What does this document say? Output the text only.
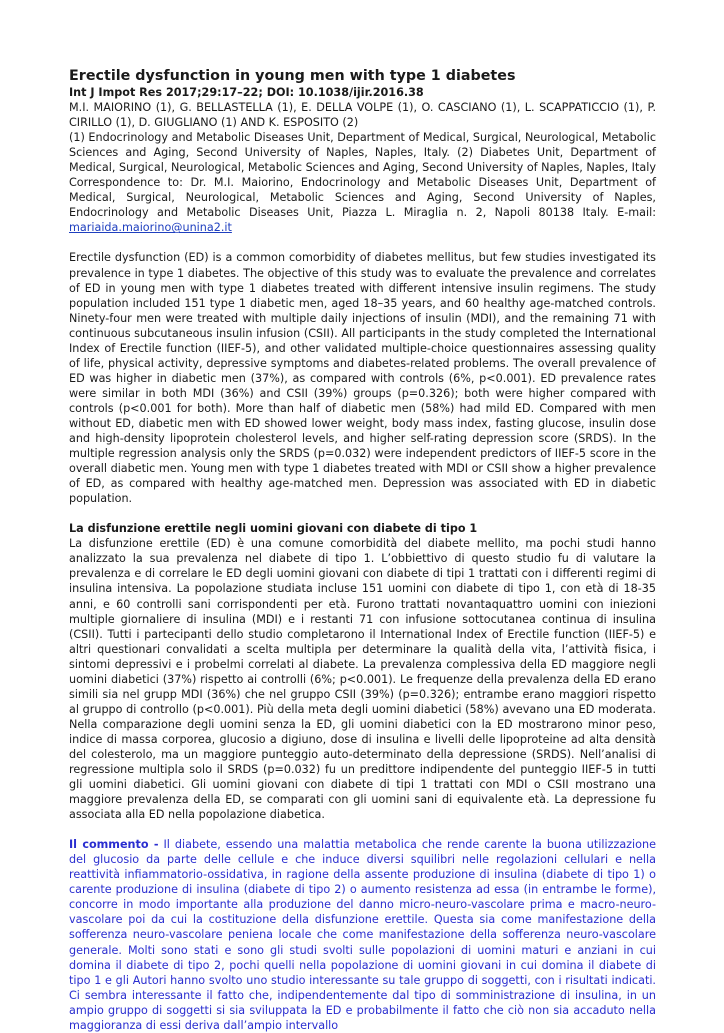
Erectile dysfunction in young men with type 1 diabetes

Int J Impot Res 2017;29:17–22; DOI: 10.1038/ijir.2016.38

M.I. MAIORINO (1), G. BELLASTELLA (1), E. DELLA VOLPE (1), O. CASCIANO (1), L. SCAPPATICCIO (1), P. CIRILLO (1), D. GIUGLIANO (1) AND K. ESPOSITO (2)

(1) Endocrinology and Metabolic Diseases Unit, Department of Medical, Surgical, Neurological, Metabolic Sciences and Aging, Second University of Naples, Naples, Italy. (2) Diabetes Unit, Department of Medical, Surgical, Neurological, Metabolic Sciences and Aging, Second University of Naples, Naples, Italy

Correspondence to: Dr. M.I. Maiorino, Endocrinology and Metabolic Diseases Unit, Department of Medical, Surgical, Neurological, Metabolic Sciences and Aging, Second University of Naples, Endocrinology and Metabolic Diseases Unit, Piazza L. Miraglia n. 2, Napoli 80138 Italy. E-mail: mariaida.maiorino@unina2.it

Erectile dysfunction (ED) is a common comorbidity of diabetes mellitus, but few studies investigated its prevalence in type 1 diabetes. The objective of this study was to evaluate the prevalence and correlates of ED in young men with type 1 diabetes treated with different intensive insulin regimens. The study population included 151 type 1 diabetic men, aged 18–35 years, and 60 healthy age-matched controls. Ninety-four men were treated with multiple daily injections of insulin (MDI), and the remaining 71 with continuous subcutaneous insulin infusion (CSII). All participants in the study completed the International Index of Erectile function (IIEF-5), and other validated multiple-choice questionnaires assessing quality of life, physical activity, depressive symptoms and diabetes-related problems. The overall prevalence of ED was higher in diabetic men (37%), as compared with controls (6%, p<0.001). ED prevalence rates were similar in both MDI (36%) and CSII (39%) groups (p=0.326); both were higher compared with controls (p<0.001 for both). More than half of diabetic men (58%) had mild ED. Compared with men without ED, diabetic men with ED showed lower weight, body mass index, fasting glucose, insulin dose and high-density lipoprotein cholesterol levels, and higher self-rating depression score (SRDS). In the multiple regression analysis only the SRDS (p=0.032) were independent predictors of IIEF-5 score in the overall diabetic men. Young men with type 1 diabetes treated with MDI or CSII show a higher prevalence of ED, as compared with healthy age-matched men. Depression was associated with ED in diabetic population.

La disfunzione erettile negli uomini giovani con diabete di tipo 1

La disfunzione erettile (ED) è una comune comorbidità del diabete mellito, ma pochi studi hanno analizzato la sua prevalenza nel diabete di tipo 1. L’obbiettivo di questo studio fu di valutare la prevalenza e di correlare le ED degli uomini giovani con diabete di tipi 1 trattati con i differenti regimi di insulina intensiva. La popolazione studiata incluse 151 uomini con diabete di tipo 1, con età di 18-35 anni, e 60 controlli sani corrispondenti per età. Furono trattati novantaquattro uomini con iniezioni multiple giornaliere di insulina (MDI) e i restanti 71 con infusione sottocutanea continua di insulina (CSII). Tutti i partecipanti dello studio completarono il International Index of Erectile function (IIEF-5) e altri questionari convalidati a scelta multipla per determinare la qualità della vita, l’attività fisica, i sintomi depressivi e i probelmi correlati al diabete. La prevalenza complessiva della ED maggiore negli uomini diabetici (37%) rispetto ai controlli (6%; p<0.001). Le frequenze della prevalenza della ED erano simili sia nel grupp MDI (36%) che nel gruppo CSII (39%) (p=0.326); entrambe erano maggiori rispetto al gruppo di controllo (p<0.001). Più della meta degli uomini diabetici (58%) avevano una ED moderata. Nella comparazione degli uomini senza la ED, gli uomini diabetici con la ED mostrarono minor peso, indice di massa corporea, glucosio a digiuno, dose di insulina e livelli delle lipoproteine ad alta densità del colesterolo, ma un maggiore punteggio auto-determinato della depressione (SRDS). Nell’analisi di regressione multipla solo il SRDS (p=0.032) fu un predittore indipendente del punteggio IIEF-5 in tutti gli uomini diabetici. Gli uomini giovani con diabete di tipi 1 trattati con MDI o CSII mostrano una maggiore prevalenza della ED, se comparati con gli uomini sani di equivalente età. La depressione fu associata alla ED nella popolazione diabetica.

Il commento - Il diabete, essendo una malattia metabolica che rende carente la buona utilizzazione del glucosio da parte delle cellule e che induce diversi squilibri nelle regolazioni cellulari e nella reattività infiammatorio-ossidativa, in ragione della assente produzione di insulina (diabete di tipo 1) o carente produzione di insulina (diabete di tipo 2) o aumento resistenza ad essa (in entrambe le forme), concorre in modo importante alla produzione del danno micro-neuro-vascolare prima e macro-neuro-vascolare poi da cui la costituzione della disfunzione erettile. Questa sia come manifestazione della sofferenza neuro-vascolare peniena locale che come manifestazione della sofferenza neuro-vascolare generale. Molti sono stati e sono gli studi svolti sulle popolazioni di uomini maturi e anziani in cui domina il diabete di tipo 2, pochi quelli nella popolazione di uomini giovani in cui domina il diabete di tipo 1 e gli Autori hanno svolto uno studio interessante su tale gruppo di soggetti, con i risultati indicati. Ci sembra interessante il fatto che, indipendentemente dal tipo di somministrazione di insulina, in un ampio gruppo di soggetti si sia sviluppata la ED e probabilmente il fatto che ciò non sia accaduto nella maggioranza di essi deriva dall’ampio intervallo
